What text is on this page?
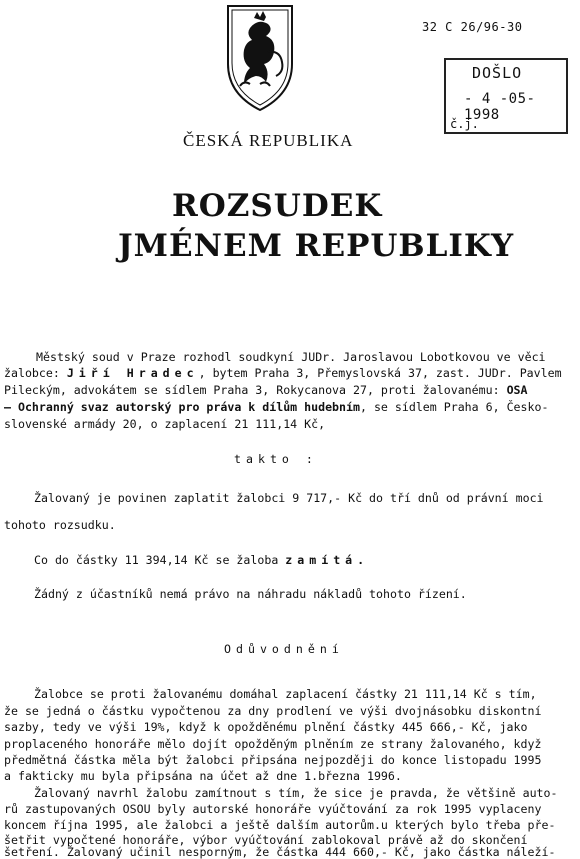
32 C 26/96-30
DOŠLO
- 4 -05- 1998
č.j.
ČESKÁ REPUBLIKA
ROZSUDEK
JMÉNEM REPUBLIKY
Městský soud v Praze rozhodl soudkyní JUDr. Jaroslavou Lobotkovou ve věci
žalobce: Jiří Hradec, bytem Praha 3, Přemyslovská 37, zast. JUDr. Pavlem
Pileckým, advokátem se sídlem Praha 3, Rokycanova 27, proti žalovanému: OSA
– Ochranný svaz autorský pro práva k dílům hudebním, se sídlem Praha 6, Česko-
slovenské armády 20, o zaplacení 21 111,14 Kč,
takto :
Žalovaný je povinen zaplatit žalobci 9 717,- Kč do tří dnů od právní moci
tohoto rozsudku.
Co do částky 11 394,14 Kč se žaloba zamítá.
Žádný z účastníků nemá právo na náhradu nákladů tohoto řízení.
Odůvodnění
Žalobce se proti žalovanému domáhal zaplacení částky 21 111,14 Kč s tím,
že se jedná o částku vypočtenou za dny prodlení ve výši dvojnásobku diskontní
sazby, tedy ve výši 19%, když k opožděnému plnění částky 445 666,- Kč, jako
proplaceného honoráře mělo dojít opožděným plněním ze strany žalovaného, když
předmětná částka měla být žalobci připsána nejpozději do konce listopadu 1995
a fakticky mu byla připsána na účet až dne 1.března 1996.
Žalovaný navrhl žalobu zamítnout s tím, že sice je pravda, že většině auto-
rů zastupovaných OSOU byly autorské honoráře vyúčtování za rok 1995 vyplaceny
koncem října 1995, ale žalobci a ještě dalším autorům.u kterých bylo třeba pře-
šetřit vypočtené honoráře, výbor vyúčtování zablokoval právě až do skončení
šetření. Žalovaný učinil nesporným, že částka 444 660,- Kč, jako částka náleží-
